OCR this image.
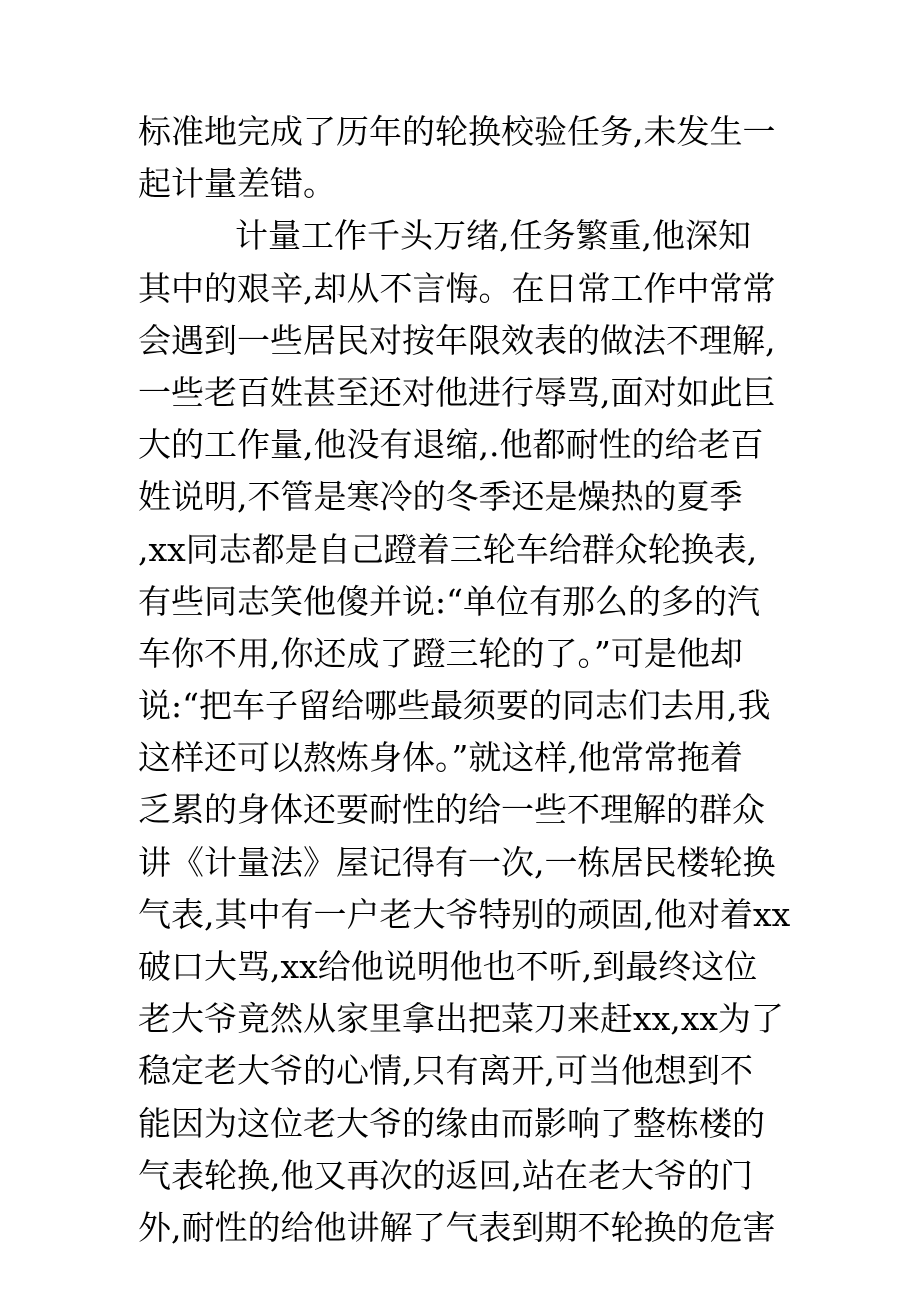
标准地完成了历年的轮换校验任务,未发生一
起计量差错。
计量工作千头万绪,任务繁重,他深知
其中的艰辛,却从不言悔。在日常工作中常常
会遇到一些居民对按年限效表的做法不理解,
一些老百姓甚至还对他进行辱骂,面对如此巨
大的工作量,他没有退缩,.他都耐性的给老百
姓说明,不管是寒冷的冬季还是燥热的夏季
,xx同志都是自己蹬着三轮车给群众轮换表,
有些同志笑他傻并说:“单位有那么的多的汽
车你不用,你还成了蹬三轮的了。”可是他却
说:“把车子留给哪些最须要的同志们去用,我
这样还可以熬炼身体。”就这样,他常常拖着
乏累的身体还要耐性的给一些不理解的群众
讲《计量法》屋记得有一次,一栋居民楼轮换
气表,其中有一户老大爷特别的顽固,他对着xx
破口大骂,xx给他说明他也不听,到最终这位
老大爷竟然从家里拿出把菜刀来赶xx,xx为了
稳定老大爷的心情,只有离开,可当他想到不
能因为这位老大爷的缘由而影响了整栋楼的
气表轮换,他又再次的返回,站在老大爷的门
外,耐性的给他讲解了气表到期不轮换的危害
